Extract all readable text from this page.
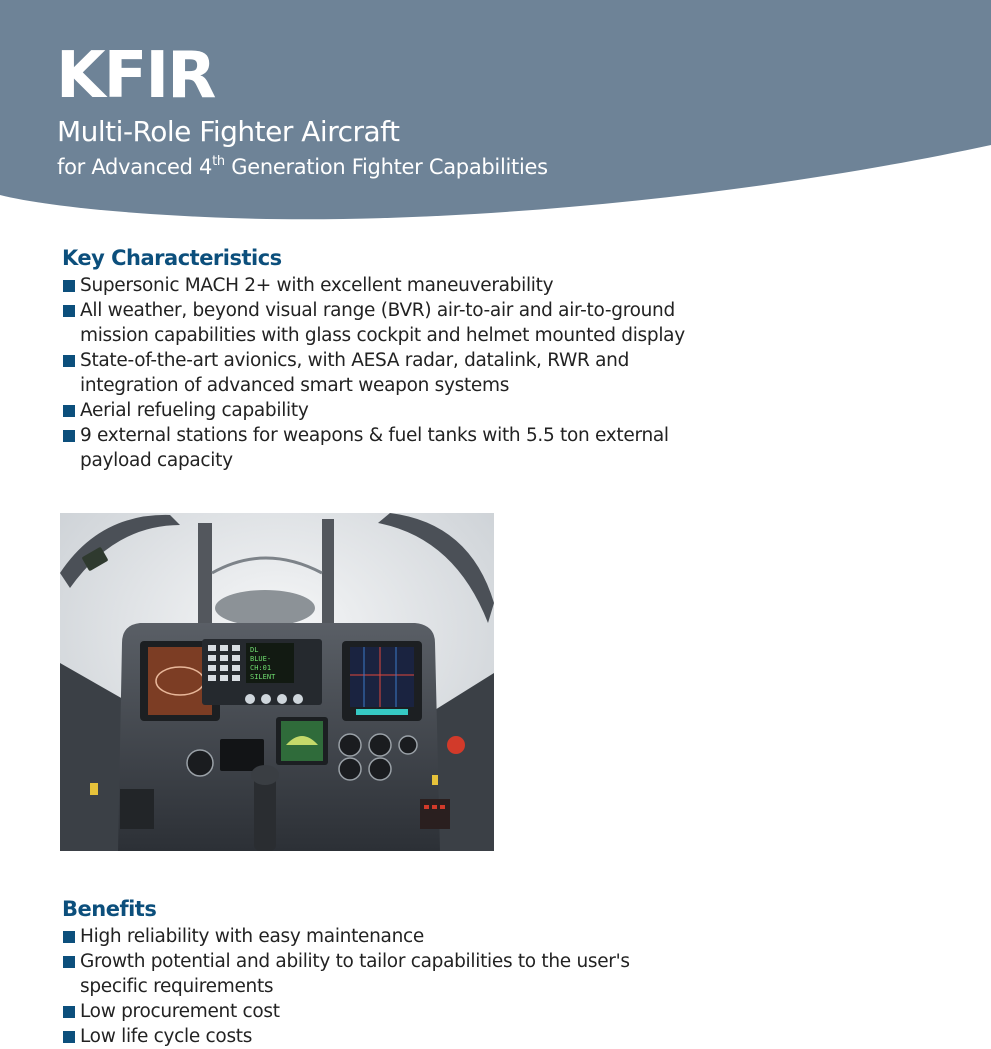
KFIR
Multi-Role Fighter Aircraft
for Advanced 4th Generation Fighter Capabilities
Key Characteristics
Supersonic MACH 2+ with excellent maneuverability
All weather, beyond visual range (BVR) air-to-air and air-to-ground mission capabilities with glass cockpit and helmet mounted display
State-of-the-art avionics, with AESA radar, datalink, RWR and integration of advanced smart weapon systems
Aerial refueling capability
9 external stations for weapons & fuel tanks with 5.5 ton external payload capacity
DL
BLUE-
CH:01
SILENT
Benefits
High reliability with easy maintenance
Growth potential and ability to tailor capabilities to the user's specific requirements
Low procurement cost
Low life cycle costs
